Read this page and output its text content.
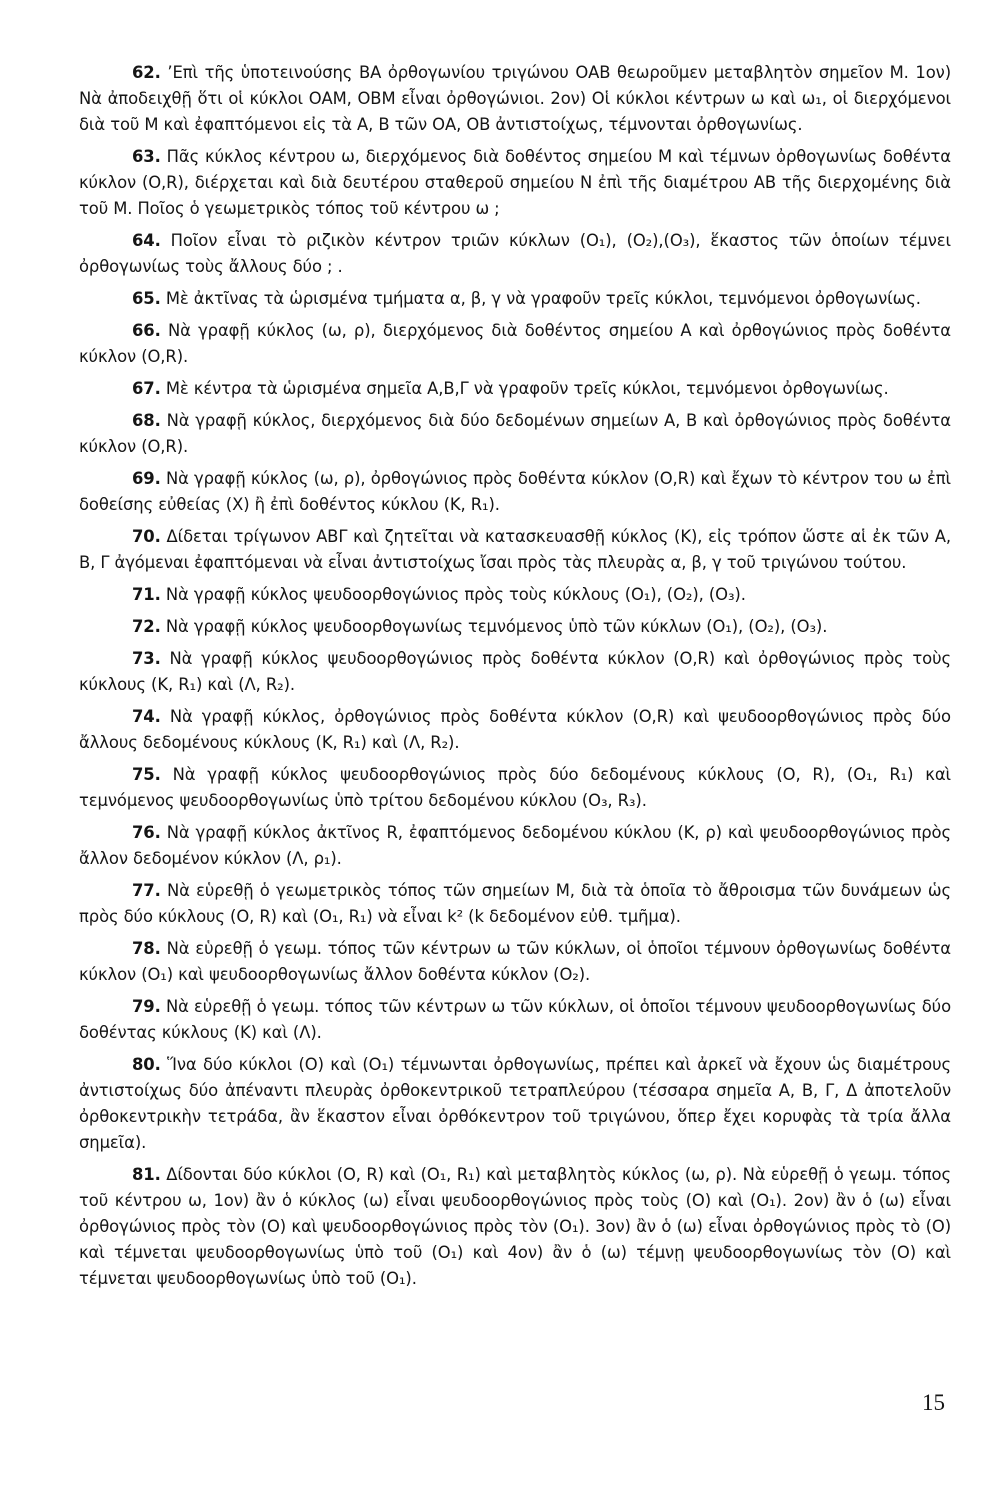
62. ’Επὶ τῆς ὑποτεινούσης ΒΑ ὀρθογωνίου τριγώνου ΟΑΒ θεωροῦμεν μεταβλητὸν σημεῖον Μ. 1ον) Νὰ ἀποδειχθῇ ὅτι οἱ κύκλοι ΟΑΜ, ΟΒΜ εἶναι ὀρθογώνιοι. 2ον) Οἱ κύκλοι κέντρων ω καὶ ω₁, οἱ διερχόμενοι διὰ τοῦ Μ καὶ ἐφαπτόμενοι εἰς τὰ Α, Β τῶν ΟΑ, ΟΒ ἀντιστοίχως, τέμνονται ὀρθογωνίως.

63. Πᾶς κύκλος κέντρου ω, διερχόμενος διὰ δοθέντος σημείου Μ καὶ τέμνων ὀρθογωνίως δοθέντα κύκλον (Ο,R), διέρχεται καὶ διὰ δευτέρου σταθεροῦ σημείου Ν ἐπὶ τῆς διαμέτρου ΑΒ τῆς διερχομένης διὰ τοῦ Μ. Ποῖος ὁ γεωμετρικὸς τόπος τοῦ κέντρου ω ;

64. Ποῖον εἶναι τὸ ριζικὸν κέντρον τριῶν κύκλων (Ο₁), (Ο₂),(Ο₃), ἕκαστος τῶν ὁποίων τέμνει ὀρθογωνίως τοὺς ἄλλους δύο ; .

65. Μὲ ἀκτῖνας τὰ ὡρισμένα τμήματα α, β, γ νὰ γραφοῦν τρεῖς κύκλοι, τεμνόμενοι ὀρθογωνίως.

66. Νὰ γραφῇ κύκλος (ω, ρ), διερχόμενος διὰ δοθέντος σημείου Α καὶ ὀρθογώνιος πρὸς δοθέντα κύκλον (Ο,R).

67. Μὲ κέντρα τὰ ὡρισμένα σημεῖα Α,Β,Γ νὰ γραφοῦν τρεῖς κύκλοι, τεμνόμενοι ὀρθογωνίως.

68. Νὰ γραφῇ κύκλος, διερχόμενος διὰ δύο δεδομένων σημείων Α, Β καὶ ὀρθογώνιος πρὸς δοθέντα κύκλον (Ο,R).

69. Νὰ γραφῇ κύκλος (ω, ρ), ὀρθογώνιος πρὸς δοθέντα κύκλον (Ο,R) καὶ ἔχων τὸ κέντρον του ω ἐπὶ δοθείσης εὐθείας (Χ) ἢ ἐπὶ δοθέντος κύκλου (Κ, R₁).

70. Δίδεται τρίγωνον ΑΒΓ καὶ ζητεῖται νὰ κατασκευασθῇ κύκλος (Κ), εἰς τρόπον ὥστε αἱ ἐκ τῶν Α, Β, Γ ἀγόμεναι ἐφαπτόμεναι νὰ εἶναι ἀντιστοίχως ἴσαι πρὸς τὰς πλευρὰς α, β, γ τοῦ τριγώνου τούτου.

71. Νὰ γραφῇ κύκλος ψευδοορθογώνιος πρὸς τοὺς κύκλους (Ο₁), (Ο₂), (Ο₃).

72. Νὰ γραφῇ κύκλος ψευδοορθογωνίως τεμνόμενος ὑπὸ τῶν κύκλων (Ο₁), (Ο₂), (Ο₃).

73. Νὰ γραφῇ κύκλος ψευδοορθογώνιος πρὸς δοθέντα κύκλον (Ο,R) καὶ ὀρθογώνιος πρὸς τοὺς κύκλους (Κ, R₁) καὶ (Λ, R₂).

74. Νὰ γραφῇ κύκλος, ὀρθογώνιος πρὸς δοθέντα κύκλον (Ο,R) καὶ ψευδοορθογώνιος πρὸς δύο ἄλλους δεδομένους κύκλους (Κ, R₁) καὶ (Λ, R₂).

75. Νὰ γραφῇ κύκλος ψευδοορθογώνιος πρὸς δύο δεδομένους κύκλους (Ο, R), (Ο₁, R₁) καὶ τεμνόμενος ψευδοορθογωνίως ὑπὸ τρίτου δεδομένου κύκλου (Ο₃, R₃).

76. Νὰ γραφῇ κύκλος ἀκτῖνος R, ἐφαπτόμενος δεδομένου κύκλου (Κ, ρ) καὶ ψευδοορθογώνιος πρὸς ἄλλον δεδομένον κύκλον (Λ, ρ₁).

77. Νὰ εὑρεθῇ ὁ γεωμετρικὸς τόπος τῶν σημείων Μ, διὰ τὰ ὁποῖα τὸ ἄθροισμα τῶν δυνάμεων ὡς πρὸς δύο κύκλους (Ο, R) καὶ (Ο₁, R₁) νὰ εἶναι k² (k δεδομένον εὐθ. τμῆμα).

78. Νὰ εὑρεθῇ ὁ γεωμ. τόπος τῶν κέντρων ω τῶν κύκλων, οἱ ὁποῖοι τέμνουν ὀρθογωνίως δοθέντα κύκλον (Ο₁) καὶ ψευδοορθογωνίως ἄλλον δοθέντα κύκλον (Ο₂).

79. Νὰ εὑρεθῇ ὁ γεωμ. τόπος τῶν κέντρων ω τῶν κύκλων, οἱ ὁποῖοι τέμνουν ψευδοορθογωνίως δύο δοθέντας κύκλους (Κ) καὶ (Λ).

80. Ἵνα δύο κύκλοι (Ο) καὶ (Ο₁) τέμνωνται ὀρθογωνίως, πρέπει καὶ ἀρκεῖ νὰ ἔχουν ὡς διαμέτρους ἀντιστοίχως δύο ἀπέναντι πλευρὰς ὀρθοκεντρικοῦ τετραπλεύρου (τέσσαρα σημεῖα Α, Β, Γ, Δ ἀποτελοῦν ὀρθοκεντρικὴν τετράδα, ἂν ἕκαστον εἶναι ὀρθόκεντρον τοῦ τριγώνου, ὅπερ ἔχει κορυφὰς τὰ τρία ἄλλα σημεῖα).

81. Δίδονται δύο κύκλοι (Ο, R) καὶ (Ο₁, R₁) καὶ μεταβλητὸς κύκλος (ω, ρ). Νὰ εὑρεθῇ ὁ γεωμ. τόπος τοῦ κέντρου ω, 1ον) ἂν ὁ κύκλος (ω) εἶναι ψευδοορθογώνιος πρὸς τοὺς (Ο) καὶ (Ο₁). 2ον) ἂν ὁ (ω) εἶναι ὀρθογώνιος πρὸς τὸν (Ο) καὶ ψευδοορθογώνιος πρὸς τὸν (Ο₁). 3ον) ἂν ὁ (ω) εἶναι ὀρθογώνιος πρὸς τὸ (Ο) καὶ τέμνεται ψευδοορθογωνίως ὑπὸ τοῦ (Ο₁) καὶ 4ον) ἂν ὁ (ω) τέμνῃ ψευδοορθογωνίως τὸν (Ο) καὶ τέμνεται ψευδοορθογωνίως ὑπὸ τοῦ (Ο₁).

15
